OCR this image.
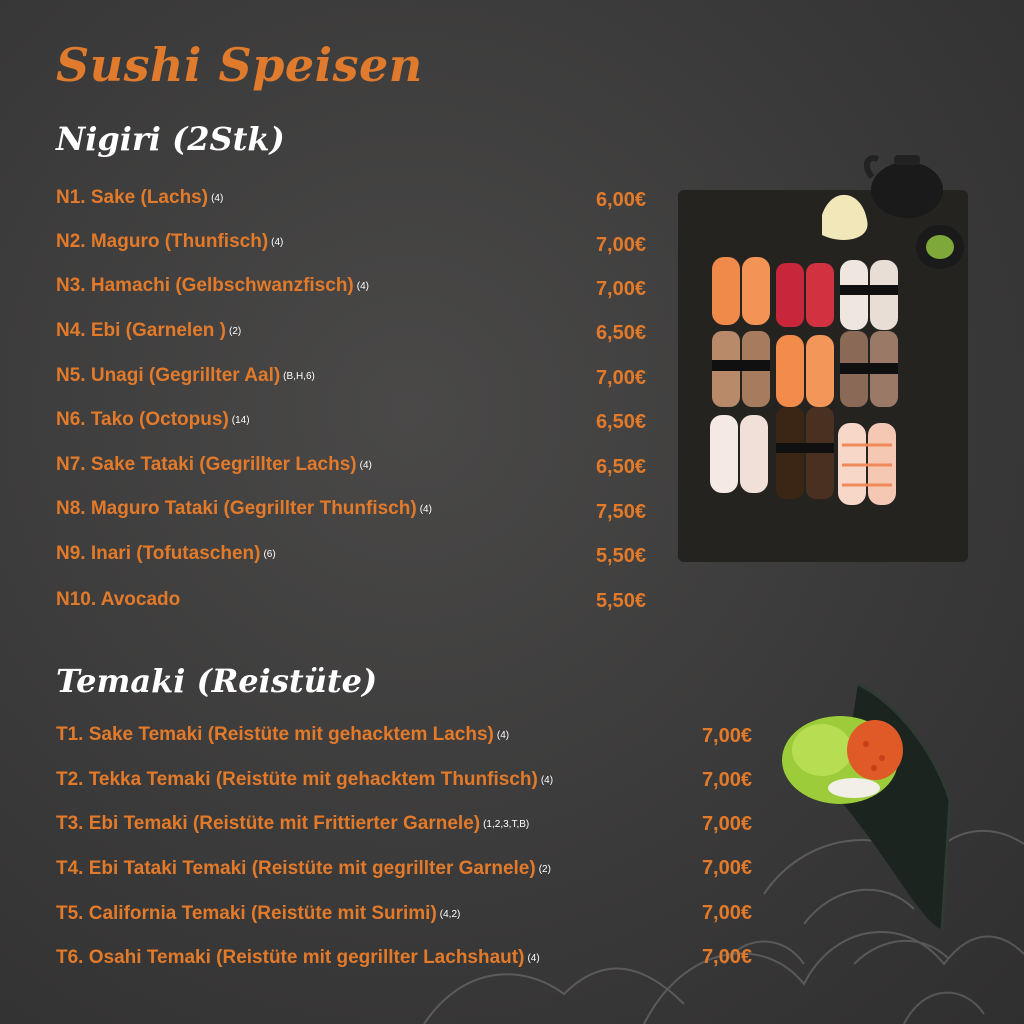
Sushi Speisen
Nigiri (2Stk)
N1. Sake (Lachs) (4)	6,00€
N2. Maguro (Thunfisch) (4)	7,00€
N3. Hamachi (Gelbschwanzfisch) (4)	7,00€
N4. Ebi (Garnelen ) (2)	6,50€
N5. Unagi (Gegrillter Aal) (B,H,6)	7,00€
N6. Tako (Octopus) (14)	6,50€
N7. Sake Tataki (Gegrillter Lachs) (4)	6,50€
N8. Maguro Tataki (Gegrillter Thunfisch) (4)	7,50€
N9. Inari (Tofutaschen) (6)	5,50€
N10. Avocado	5,50€
Temaki (Reistüte)
T1. Sake Temaki (Reistüte mit gehacktem Lachs) (4)	7,00€
T2. Tekka Temaki (Reistüte mit gehacktem Thunfisch) (4)	7,00€
T3. Ebi Temaki (Reistüte mit Frittierter Garnele) (1,2,3,T,B)	7,00€
T4. Ebi Tataki Temaki (Reistüte mit gegrillter Garnele) (2)	7,00€
T5. California Temaki (Reistüte mit Surimi) (4,2)	7,00€
T6. Osahi Temaki (Reistüte mit gegrillter Lachshaut) (4)	7,00€
